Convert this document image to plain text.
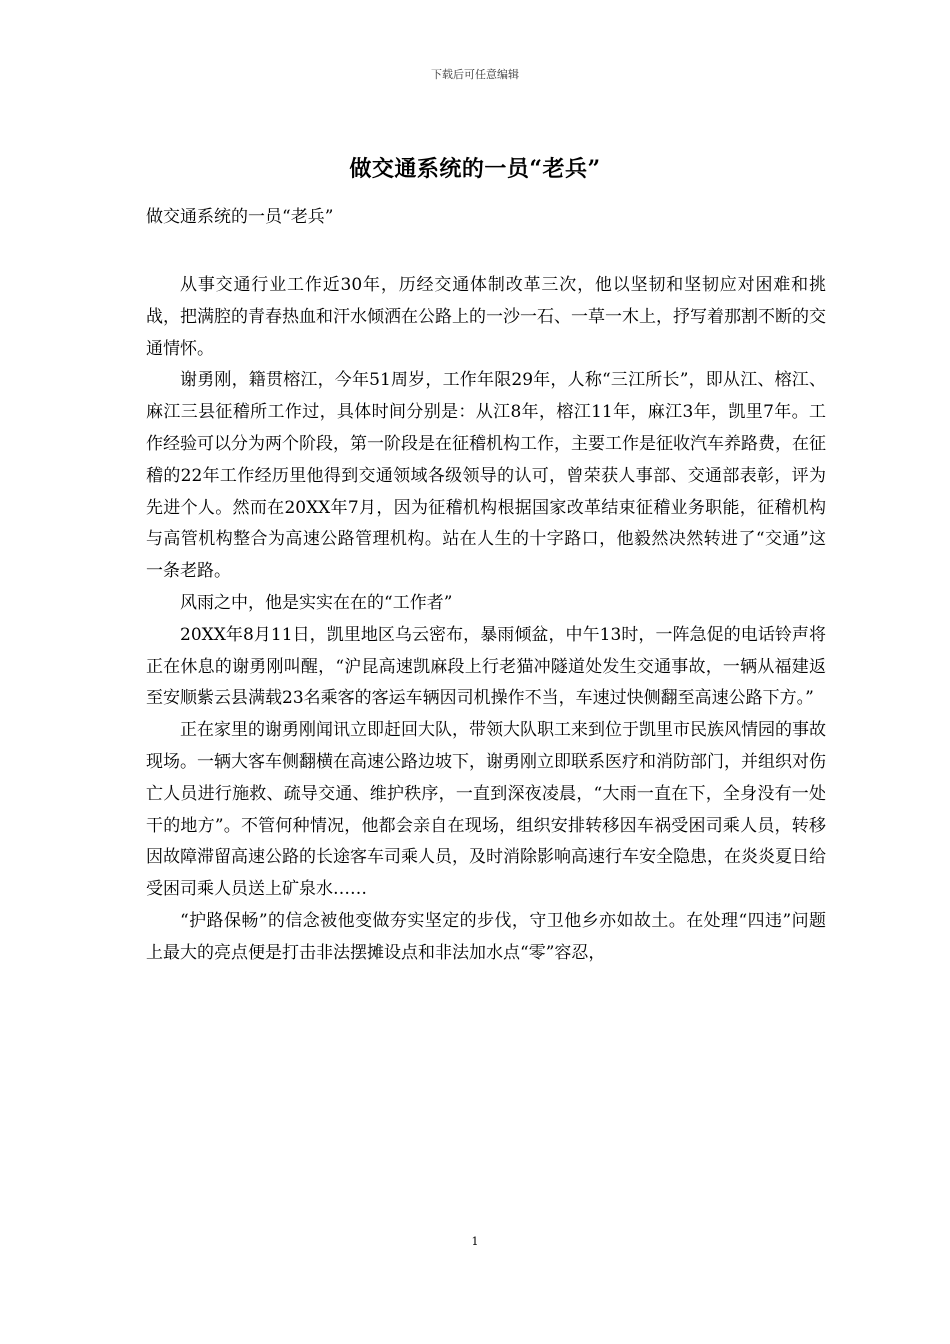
下载后可任意编辑
做交通系统的一员“老兵”
做交通系统的一员“老兵”

从事交通行业工作近30年，历经交通体制改革三次，他以坚韧和坚韧应对困难和挑战，把满腔的青春热血和汗水倾洒在公路上的一沙一石、一草一木上，抒写着那割不断的交通情怀。

谢勇刚，籍贯榕江，今年51周岁，工作年限29年，人称“三江所长”，即从江、榕江、麻江三县征稽所工作过，具体时间分别是：从江8年，榕江11年，麻江3年，凯里7年。工作经验可以分为两个阶段，第一阶段是在征稽机构工作，主要工作是征收汽车养路费，在征稽的22年工作经历里他得到交通领域各级领导的认可，曾荣获人事部、交通部表彰，评为先进个人。然而在20XX年7月，因为征稽机构根据国家改革结束征稽业务职能，征稽机构与高管机构整合为高速公路管理机构。站在人生的十字路口，他毅然决然转进了“交通”这一条老路。

风雨之中，他是实实在在的“工作者”

20XX年8月11日，凯里地区乌云密布，暴雨倾盆，中午13时，一阵急促的电话铃声将正在休息的谢勇刚叫醒，“沪昆高速凯麻段上行老猫冲隧道处发生交通事故，一辆从福建返至安顺紫云县满载23名乘客的客运车辆因司机操作不当，车速过快侧翻至高速公路下方。”

正在家里的谢勇刚闻讯立即赶回大队，带领大队职工来到位于凯里市民族风情园的事故现场。一辆大客车侧翻横在高速公路边坡下，谢勇刚立即联系医疗和消防部门，并组织对伤亡人员进行施救、疏导交通、维护秩序，一直到深夜凌晨，“大雨一直在下，全身没有一处干的地方”。不管何种情况，他都会亲自在现场，组织安排转移因车祸受困司乘人员，转移因故障滞留高速公路的长途客车司乘人员，及时消除影响高速行车安全隐患，在炎炎夏日给受困司乘人员送上矿泉水……

“护路保畅”的信念被他变做夯实坚定的步伐，守卫他乡亦如故土。在处理“四违”问题上最大的亮点便是打击非法摆摊设点和非法加水点“零”容忍，

1
